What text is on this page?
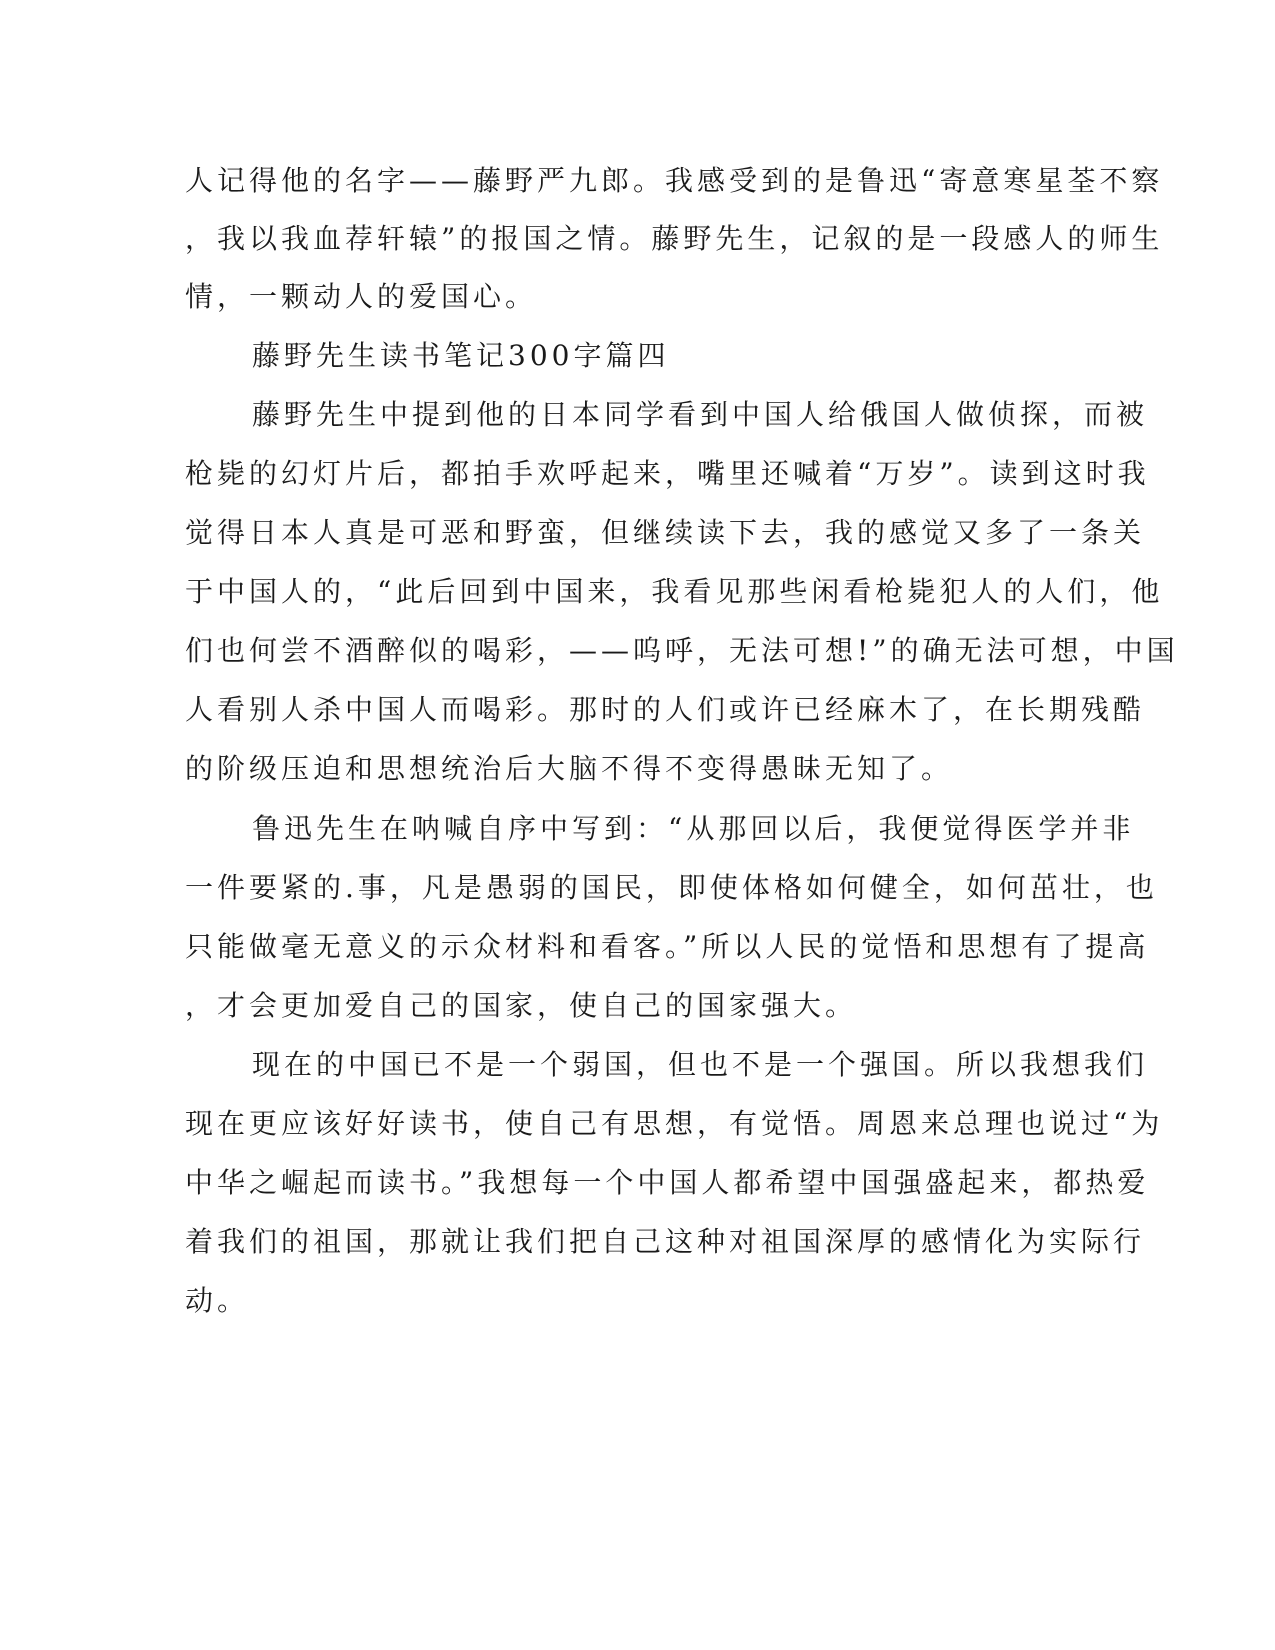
人记得他的名字——藤野严九郎。我感受到的是鲁迅“寄意寒星荃不察
，我以我血荐轩辕”的报国之情。藤野先生，记叙的是一段感人的师生
情，一颗动人的爱国心。
藤野先生读书笔记300字篇四
藤野先生中提到他的日本同学看到中国人给俄国人做侦探，而被
枪毙的幻灯片后，都拍手欢呼起来，嘴里还喊着“万岁”。读到这时我
觉得日本人真是可恶和野蛮，但继续读下去，我的感觉又多了一条关
于中国人的，“此后回到中国来，我看见那些闲看枪毙犯人的人们，他
们也何尝不酒醉似的喝彩，——呜呼，无法可想!”的确无法可想，中国
人看别人杀中国人而喝彩。那时的人们或许已经麻木了，在长期残酷
的阶级压迫和思想统治后大脑不得不变得愚昧无知了。
鲁迅先生在呐喊自序中写到：“从那回以后，我便觉得医学并非
一件要紧的.事，凡是愚弱的国民，即使体格如何健全，如何茁壮，也
只能做毫无意义的示众材料和看客。”所以人民的觉悟和思想有了提高
，才会更加爱自己的国家，使自己的国家强大。
现在的中国已不是一个弱国，但也不是一个强国。所以我想我们
现在更应该好好读书，使自己有思想，有觉悟。周恩来总理也说过“为
中华之崛起而读书。”我想每一个中国人都希望中国强盛起来，都热爱
着我们的祖国，那就让我们把自己这种对祖国深厚的感情化为实际行
动。
